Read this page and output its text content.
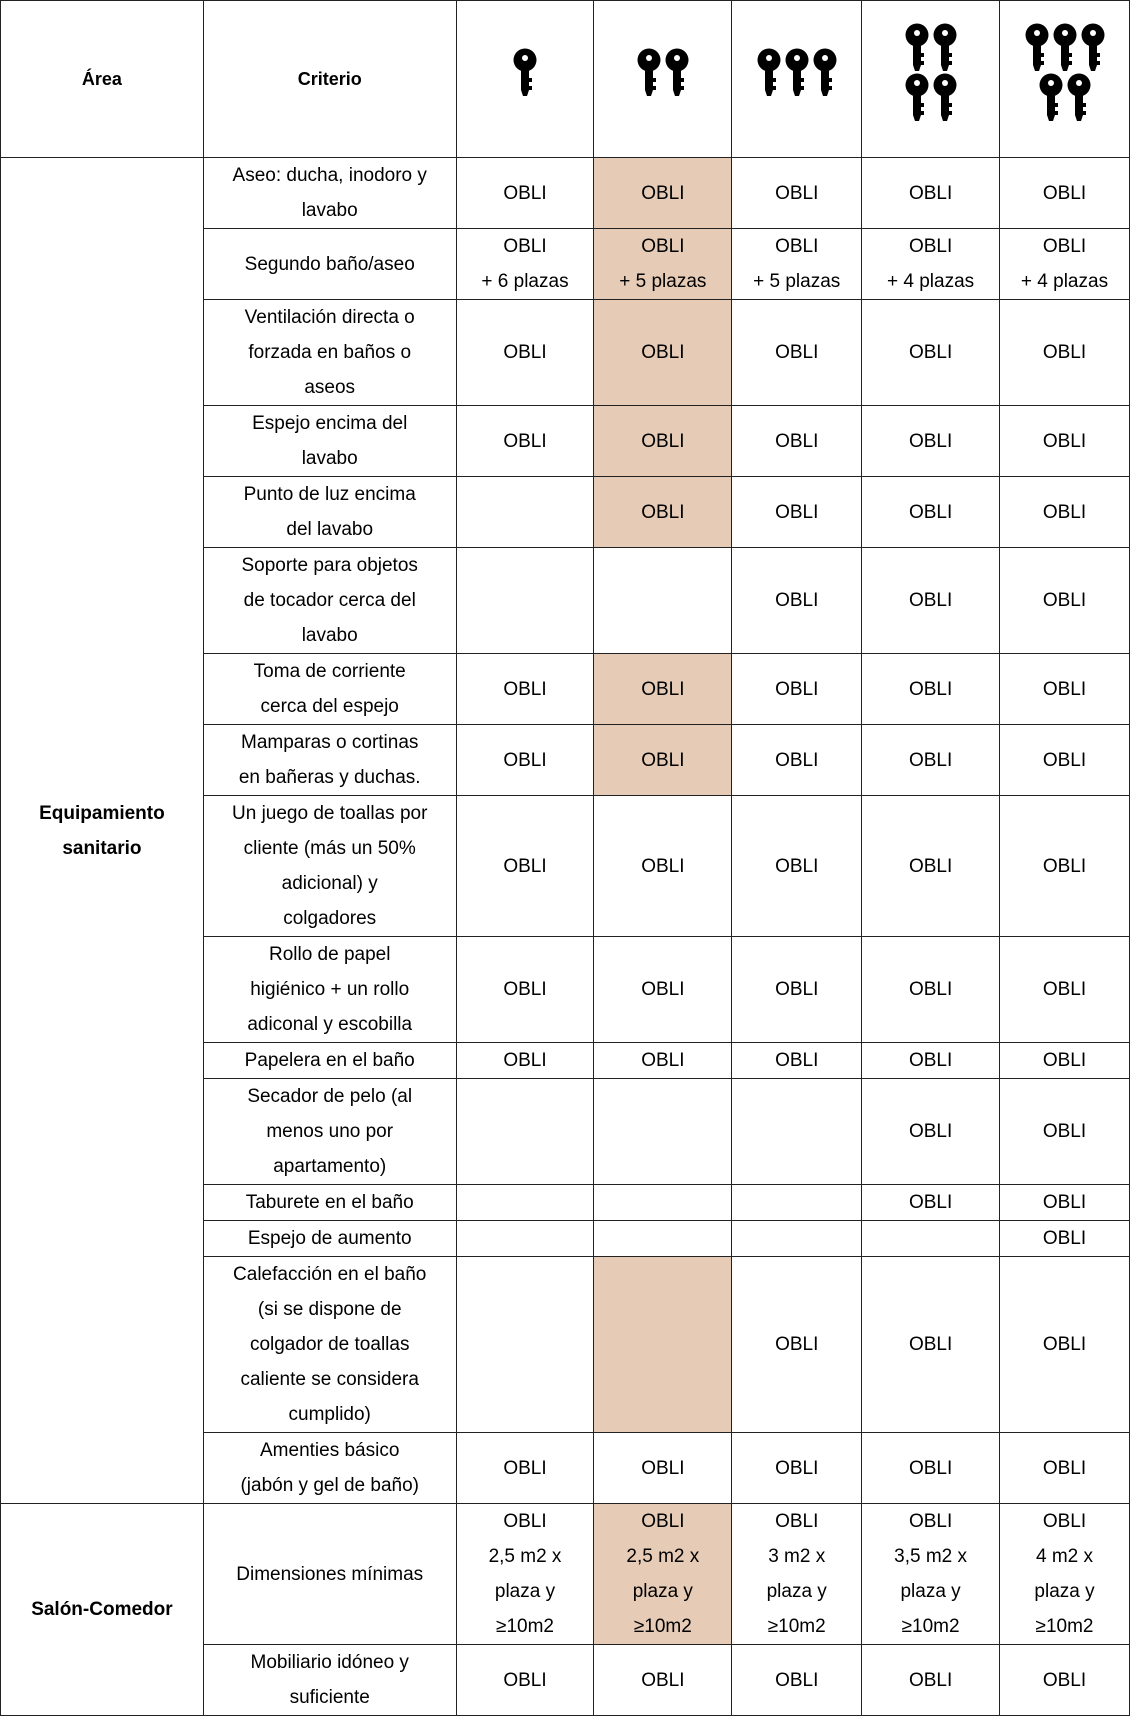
Área	Criterio	

Equipamiento sanitario	Aseo: ducha, inodoro y
lavabo	OBLI	OBLI	OBLI	OBLI	OBLI

	Segundo baño/aseo	OBLI
+ 6 plazas	OBLI
+ 5 plazas	OBLI
+ 5 plazas	OBLI
+ 4 plazas	OBLI
+ 4 plazas

	Ventilación directa o
forzada en baños o
aseos	OBLI	OBLI	OBLI	OBLI	OBLI

	Espejo encima del
lavabo	OBLI	OBLI	OBLI	OBLI	OBLI

	Punto de luz encima
del lavabo		OBLI	OBLI	OBLI	OBLI

	Soporte para objetos
de tocador cerca del
lavabo			OBLI	OBLI	OBLI

	Toma de corriente
cerca del espejo	OBLI	OBLI	OBLI	OBLI	OBLI

	Mamparas o cortinas
en bañeras y duchas.	OBLI	OBLI	OBLI	OBLI	OBLI

	Un juego de toallas por
cliente (más un 50%
adicional) y
colgadores	OBLI	OBLI	OBLI	OBLI	OBLI

	Rollo de papel
higiénico + un rollo
adiconal y escobilla	OBLI	OBLI	OBLI	OBLI	OBLI

	Papelera en el baño	OBLI	OBLI	OBLI	OBLI	OBLI

	Secador de pelo (al
menos uno por
apartamento)				OBLI	OBLI

	Taburete en el baño				OBLI	OBLI

	Espejo de aumento					OBLI

	Calefacción en el baño
(si se dispone de
colgador de toallas
caliente se considera
cumplido)			OBLI	OBLI	OBLI

	Amenties básico
(jabón y gel de baño)	OBLI	OBLI	OBLI	OBLI	OBLI

Salón-Comedor	Dimensiones mínimas	OBLI
2,5 m2 x
plaza y
≥10m2	OBLI
2,5 m2 x
plaza y
≥10m2	OBLI
3 m2 x
plaza y
≥10m2	OBLI
3,5 m2 x
plaza y
≥10m2	OBLI
4 m2 x
plaza y
≥10m2

	Mobiliario idóneo y
suficiente	OBLI	OBLI	OBLI	OBLI	OBLI
